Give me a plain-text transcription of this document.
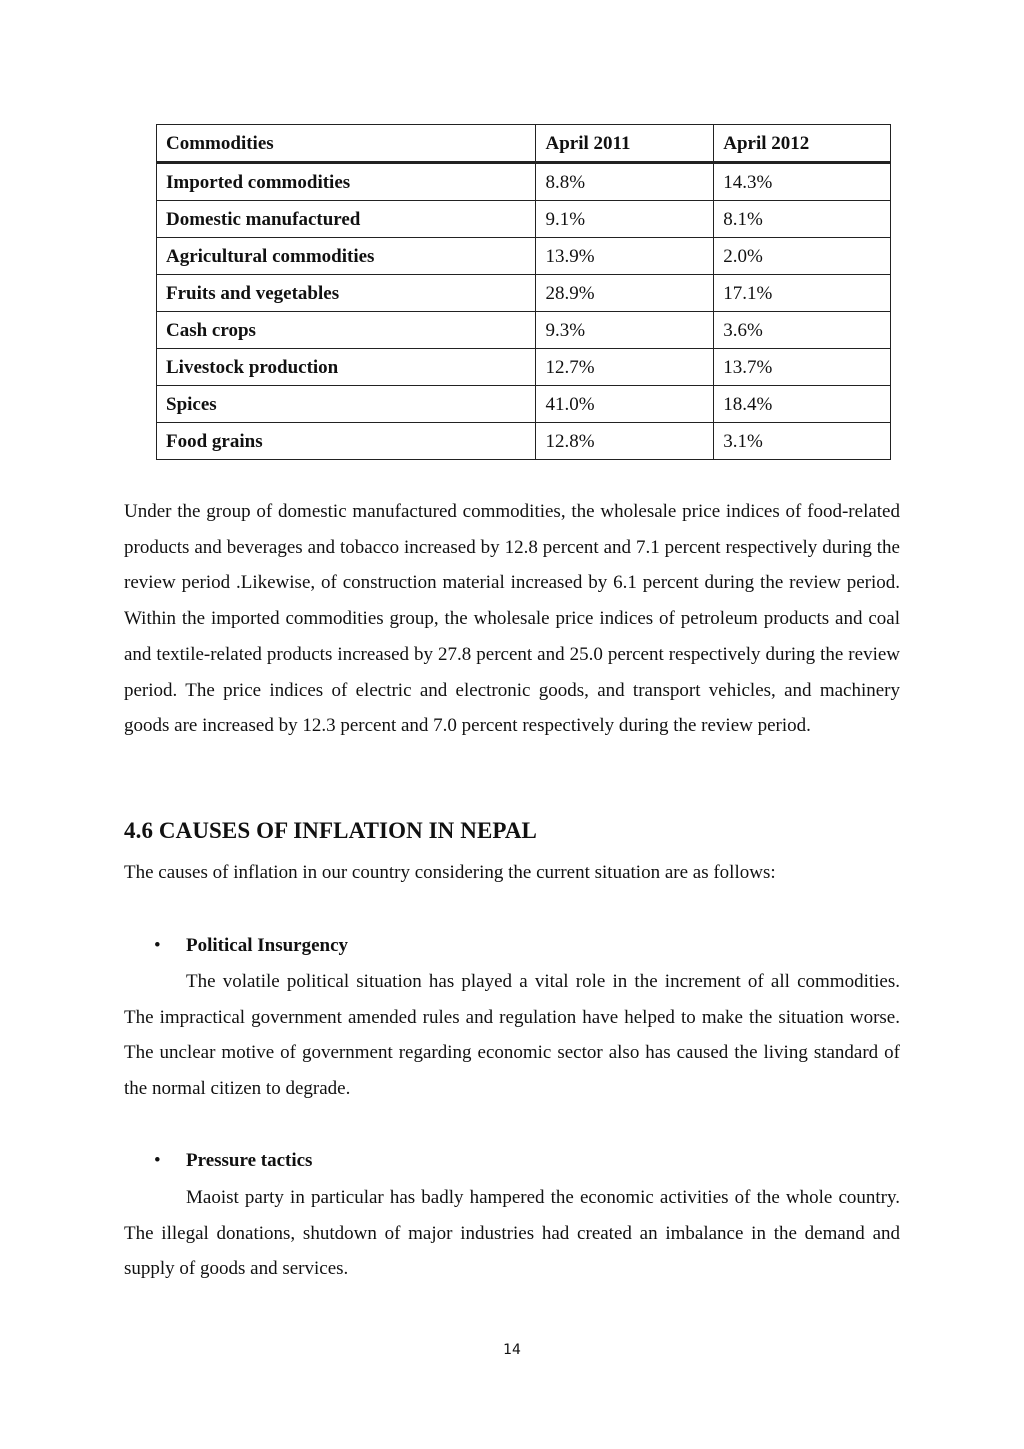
Commodities	April 2011	April 2012
Imported commodities	8.8%	14.3%
Domestic manufactured	9.1%	8.1%
Agricultural commodities	13.9%	2.0%
Fruits and vegetables	28.9%	17.1%
Cash crops	9.3%	3.6%
Livestock production	12.7%	13.7%
Spices	41.0%	18.4%
Food grains	12.8%	3.1%

Under the group of domestic manufactured commodities, the wholesale price indices of food-related products and beverages and tobacco increased by 12.8 percent and 7.1 percent respectively during the review period .Likewise, of construction material increased by 6.1 percent during the review period. Within the imported commodities group, the wholesale price indices of petroleum products and coal and textile-related products increased by 27.8 percent and 25.0 percent respectively during the review period. The price indices of electric and electronic goods, and transport vehicles, and machinery goods are increased by 12.3 percent and 7.0 percent respectively during the review period.

4.6 CAUSES OF INFLATION IN NEPAL

The causes of inflation in our country considering the current situation are as follows:

• Political Insurgency

The volatile political situation has played a vital role in the increment of all commodities. The impractical government amended rules and regulation have helped to make the situation worse. The unclear motive of government regarding economic sector also has caused the living standard of the normal citizen to degrade.

• Pressure tactics

Maoist party in particular has badly hampered the economic activities of the whole country. The illegal donations, shutdown of major industries had created an imbalance in the demand and supply of goods and services.

14
